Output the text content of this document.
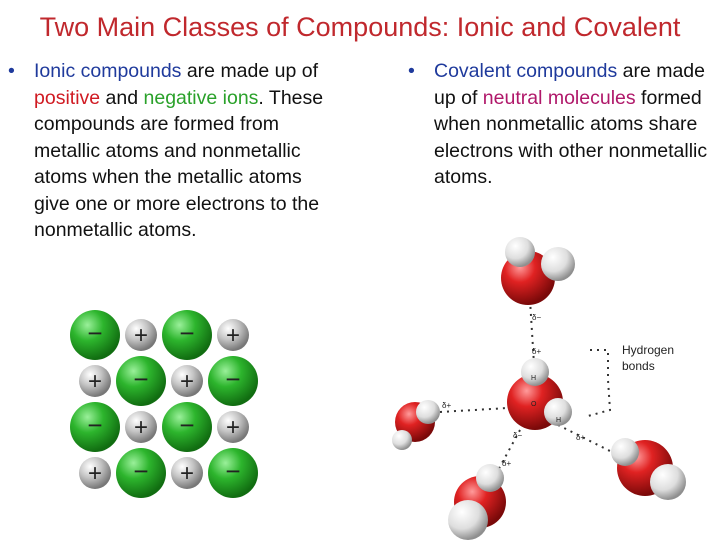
Two Main Classes of Compounds: Ionic and Covalent
• Ionic compounds are made up of positive and negative ions. These compounds are formed from metallic atoms and nonmetallic atoms when the metallic atoms give one or more electrons to the nonmetallic atoms.
• Covalent compounds are made up of neutral molecules formed when nonmetallic atoms share electrons with other nonmetallic atoms.
− + − +
+ − + −
− + − +
+ − + −
Hydrogen
bonds
δ−
δ+
δ+
δ−
δ+
δ+
H
O
H
